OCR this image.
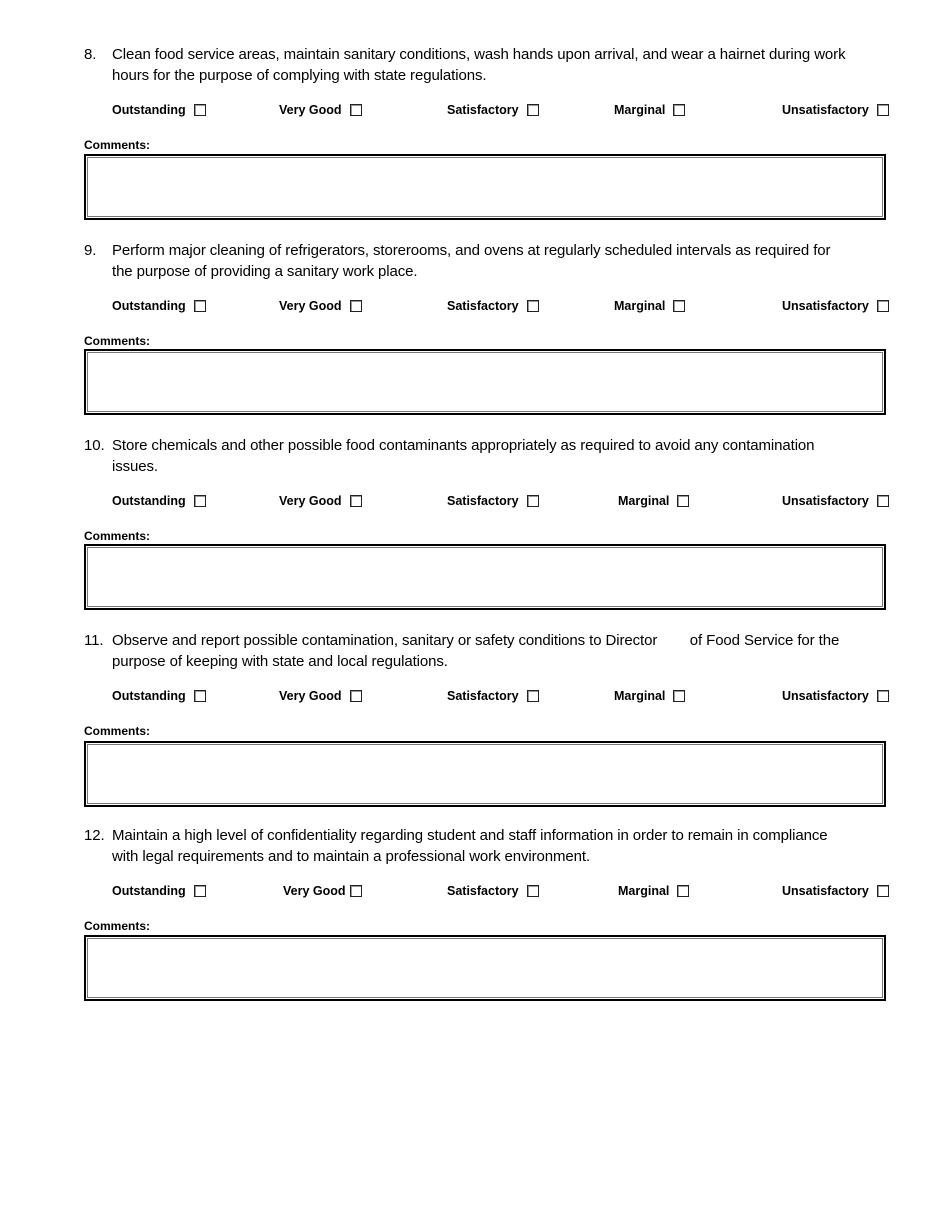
8. Clean food service areas, maintain sanitary conditions, wash hands upon arrival, and wear a hairnet during work
hours for the purpose of complying with state regulations.
Outstanding	Very Good	Satisfactory	Marginal	Unsatisfactory
Comments:
9. Perform major cleaning of refrigerators, storerooms, and ovens at regularly scheduled intervals as required for
the purpose of providing a sanitary work place.
Outstanding	Very Good	Satisfactory	Marginal	Unsatisfactory
Comments:
10. Store chemicals and other possible food contaminants appropriately as required to avoid any contamination
issues.
Outstanding	Very Good	Satisfactory	Marginal	Unsatisfactory
Comments:
11. Observe and report possible contamination, sanitary or safety conditions to Director        of Food Service for the
purpose of keeping with state and local regulations.
Outstanding	Very Good	Satisfactory	Marginal	Unsatisfactory
Comments:
12. Maintain a high level of confidentiality regarding student and staff information in order to remain in compliance
with legal requirements and to maintain a professional work environment.
Outstanding	Very Good	Satisfactory	Marginal	Unsatisfactory
Comments:
